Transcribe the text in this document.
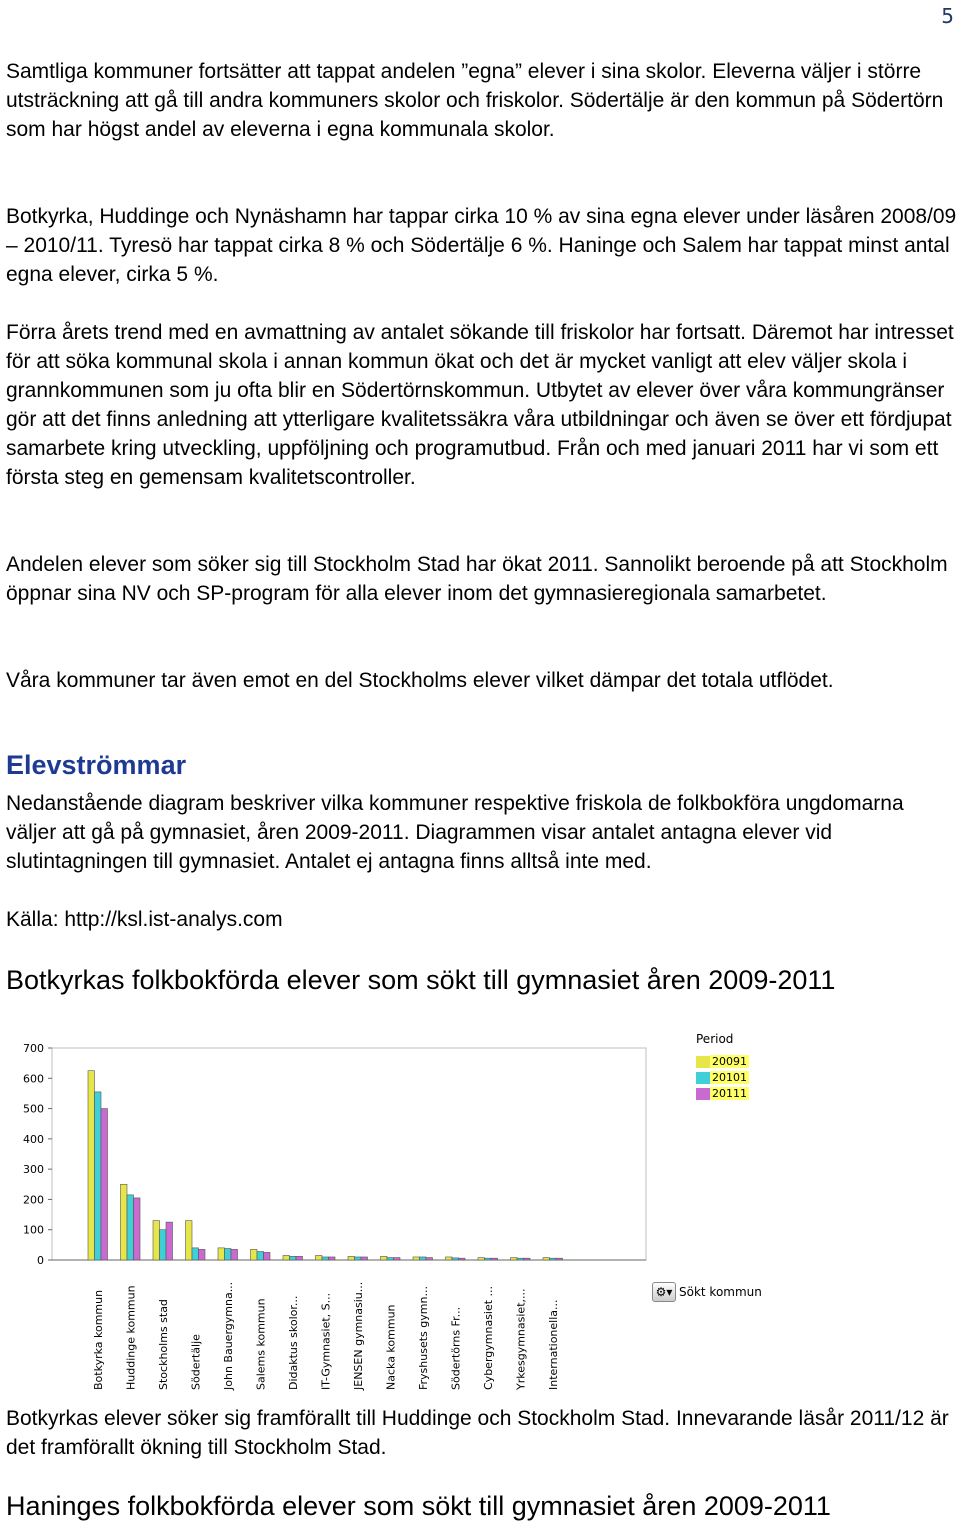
5

Samtliga kommuner fortsätter att tappat andelen ”egna” elever i sina skolor. Eleverna väljer i större utsträckning att gå till andra kommuners skolor och friskolor. Södertälje är den kommun på Södertörn som har högst andel av eleverna i egna kommunala skolor.

Botkyrka, Huddinge och Nynäshamn har tappar cirka 10 % av sina egna elever under läsåren 2008/09 – 2010/11. Tyresö har tappat cirka 8 % och Södertälje 6 %. Haninge och Salem har tappat minst antal egna elever, cirka 5 %.

Förra årets trend med en avmattning av antalet sökande till friskolor har fortsatt. Däremot har intresset för att söka kommunal skola i annan kommun ökat och det är mycket vanligt att elev väljer skola i grannkommunen som ju ofta blir en Södertörnskommun. Utbytet av elever över våra kommungränser gör att det finns anledning att ytterligare kvalitetssäkra våra utbildningar och även se över ett fördjupat samarbete kring utveckling, uppföljning och programutbud. Från och med januari 2011 har vi som ett första steg en gemensam kvalitetscontroller.

Andelen elever som söker sig till Stockholm Stad har ökat 2011. Sannolikt beroende på att Stockholm öppnar sina NV och SP-program för alla elever inom det gymnasieregionala samarbetet.

Våra kommuner tar även emot en del Stockholms elever vilket dämpar det totala utflödet.

Elevströmmar

Nedanstående diagram beskriver vilka kommuner respektive friskola de folkbokföra ungdomarna väljer att gå på gymnasiet, åren 2009-2011. Diagrammen visar antalet antagna elever vid slutintagningen till gymnasiet. Antalet ej antagna finns alltså inte med.

Källa: http://ksl.ist-analys.com

Botkyrkas folkbokförda elever som sökt till gymnasiet åren 2009-2011
0
100
200
300
400
500
600
700
Botkyrka kommun Huddinge kommun Stockholms stad Södertälje John Bauergymna... Salems kommun Didaktus skolor... IT-Gymnasiet, S... JENSEN gymnasiu... Nacka kommun Fryshusets gymn... Södertörns Fr... Cybergymnasiet ... Yrkesgymnasiet,... Internationella...
Period
20091
20101
20111
⚙▾ Sökt kommun

Botkyrkas elever söker sig framförallt till Huddinge och Stockholm Stad. Innevarande läsår 2011/12 är det framförallt ökning till Stockholm Stad.

Haninges folkbokförda elever som sökt till gymnasiet åren 2009-2011
